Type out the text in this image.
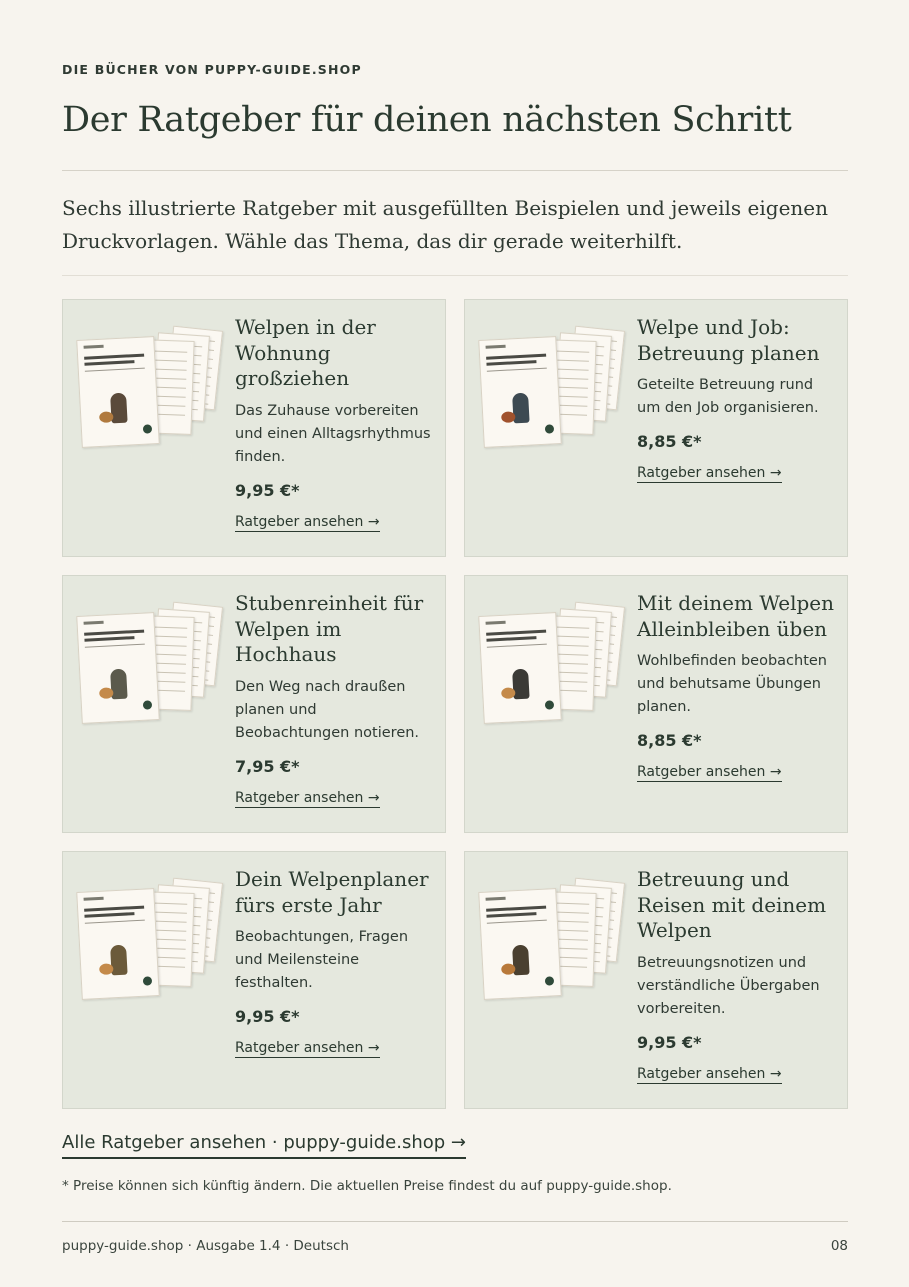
DIE BÜCHER VON PUPPY-GUIDE.SHOP
Der Ratgeber für deinen nächsten Schritt

Sechs illustrierte Ratgeber mit ausgefüllten Beispielen und jeweils eigenen Druckvorlagen. Wähle das Thema, das dir gerade weiterhilft.

Welpen in der Wohnung großziehen
Das Zuhause vorbereiten und einen Alltagsrhythmus finden.
9,95 €*
Ratgeber ansehen →
Welpe und Job: Betreuung planen
Geteilte Betreuung rund um den Job organisieren.
8,85 €*
Ratgeber ansehen →
Stubenreinheit für Welpen im Hochhaus
Den Weg nach draußen planen und Beobachtungen notieren.
7,95 €*
Ratgeber ansehen →
Mit deinem Welpen Alleinbleiben üben
Wohlbefinden beobachten und behutsame Übungen planen.
8,85 €*
Ratgeber ansehen →
Dein Welpenplaner fürs erste Jahr
Beobachtungen, Fragen und Meilensteine festhalten.
9,95 €*
Ratgeber ansehen →
Betreuung und Reisen mit deinem Welpen
Betreuungsnotizen und verständliche Übergaben vorbereiten.
9,95 €*
Ratgeber ansehen →
Alle Ratgeber ansehen · puppy-guide.shop →
* Preise können sich künftig ändern. Die aktuellen Preise findest du auf puppy-guide.shop.
puppy-guide.shop · Ausgabe 1.4 · Deutsch	08
